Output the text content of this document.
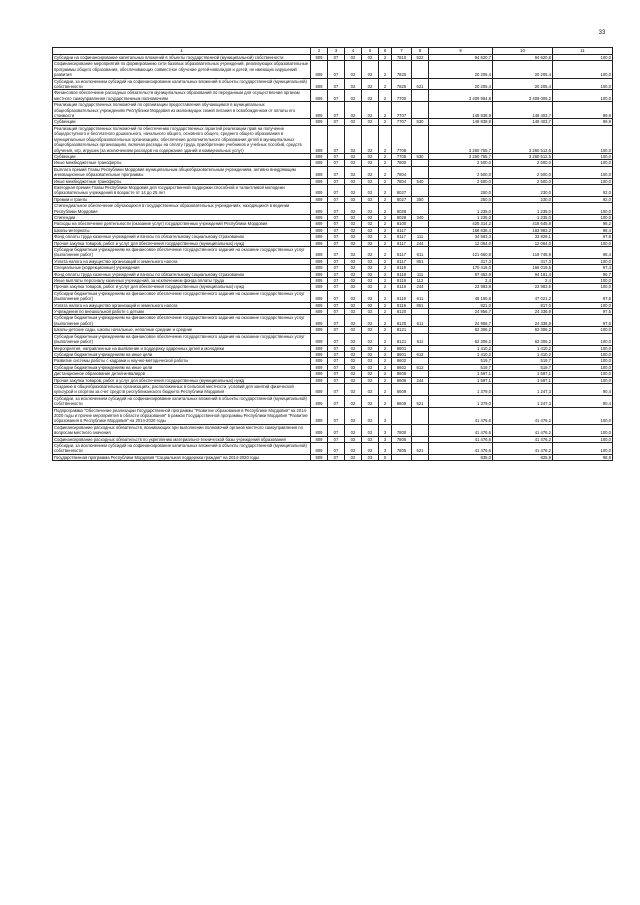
33
1	2	3	4	5	6	7	8	9	10	11
Субсидии на софинансирование капитальных вложений в объекты государственной (муниципальной) собственности	809	07	02	02	2	7810	522	94 620,7	94 620,8	100,0
Софинансирование мероприятий по формированию сети базовых образовательных учреждений, реализующих образовательные программы общего образования, обеспечивающих совместное обучение детей-инвалидов и детей, не имеющих нарушений развития	809	07	02	02	2	7825		20 205,4	20 205,4	100,0
Субсидии, за исключением субсидий на софинансирование капитальных вложений в объекты государственной (муниципальной) собственности	809	07	02	02	2	7825	521	20 205,4	20 205,4	100,0
Финансовое обеспечение расходных обязательств муниципальных образований по переданным для осуществления органам местного самоуправления государственным полномочиям	809	07	02	02	2	7700		3 409 984,8	3 409 006,2	100,0
Реализация государственных полномочий по организации предоставления обучающимся в муниципальных общеобразовательных учреждениях Республики Мордовия из малоимущих семей питания в освобожденном от оплаты его стоимости	809	07	02	02	2	7707		148 838,9	148 403,7	99,9
Субвенции	809	07	02	02	2	7707	530	148 838,9	148 403,7	99,9
Реализация государственных полномочий по обеспечению государственных гарантий реализации прав на получение общедоступного и бесплатного дошкольного, начального общего, основного общего, среднего общего образования в муниципальных общеобразовательных организациях, обеспечение дополнительного образования детей в муниципальных общеобразовательных организациях, включая расходы на оплату труда, приобретение учебников и учебных пособий, средств обучения, игр, игрушек (за исключением расходов на содержание зданий и коммунальных услуг)	809	07	02	02	2	7708		3 260 755,7	3 260 512,5	100,0
Субвенции	809	07	02	02	2	7708	530	3 260 755,7	3 260 512,5	100,0
Иные межбюджетные трансферты	809	07	02	02	2	7800		2 500,0	2 500,0	100,0
Выплата премий Главы Республики Мордовия муниципальным общеобразовательным учреждениям, активно внедряющим инновационные образовательные программы	809	07	02	02	2	7804		2 500,0	2 500,0	100,0
Иные межбюджетные трансферты	809	07	02	02	2	7804	540	2 500,0	2 500,0	100,0
Ежегодная премия Главы Республики Мордовия для государственной поддержки способной и талантливой молодежи образовательных учреждений в возрасте от 14 до 25 лет	809	07	02	02	2	8027		250,0	230,0	92,0
Премии и гранты	809	07	02	02	2	8027	350	250,0	230,0	92,0
Стипендиальное обеспечение обучающихся в государственных образовательных учреждениях, находящихся в ведении Республики Мордовия	809	07	02	02	2	8028		1 235,0	1 235,0	100,0
Стипендии	809	07	02	02	2	8028	340	1 235,0	1 235,0	100,0
Расходы на обеспечение деятельности (оказание услуг) государственных учреждений Республики Мордовия	809	07	02	02	2	8100		425 314,2	418 645,8	98,2
Школы-интернаты	809	07	02	02	2	8117		168 838,4	163 983,2	98,4
Фонд оплаты труда казенных учреждений и взносы по обязательному социальному страхованию	809	07	02	02	2	8117	111	34 583,3	33 829,1	97,8
Прочая закупка товаров, работ и услуг для обеспечения государственных (муниципальных) нужд	809	07	02	02	2	8117	244	12 084,0	12 064,0	100,0
Субсидии бюджетным учреждениям на финансовое обеспечение государственного задания на оказание государственных услуг (выполнение работ)	809	07	02	02	2	8117	611	121 660,8	119 748,8	98,4
Уплата налога на имущество организаций и земельного налога	809	07	02	02	2	8117	851	317,3	317,3	100,0
Специальные (коррекционные) учреждения	809	07	02	02	2	8119		170 416,0	166 019,5	97,4
Фонд оплаты труда казенных учреждений и взносы по обязательному социальному страхованию	809	07	02	02	2	8119	111	97 452,9	94 191,4	96,7
Иные выплаты персоналу казенных учреждений, за исключением фонда оплаты труда	809	07	02	02	2	8119	112	2,4	2,4	100,0
Прочая закупка товаров, работ и услуг для обеспечения государственных (муниципальных) нужд	809	07	02	02	2	8119	244	23 983,8	23 983,5	100,0
Субсидии бюджетным учреждениям на финансовое обеспечение государственного задания на оказание государственных услуг (выполнение работ)	809	07	02	02	2	8119	611	48 155,8	47 021,2	97,6
Уплата налога на имущество организаций и земельного налога	809	07	02	02	2	8119	851	821,0	817,0	100,0
Учреждения по внешкольной работе с детьми	809	07	02	02	2	8120		24 956,7	24 336,9	97,5
Субсидии бюджетным учреждениям на финансовое обеспечение государственного задания на оказание государственных услуг (выполнение работ)	809	07	02	02	2	8120	611	24 956,7	24 336,9	97,5
Школы-детские сады, школы начальные, неполные средние и средние	809	07	02	02	2	8121		62 306,2	62 306,2	100,0
Субсидии бюджетным учреждениям на финансовое обеспечение государственного задания на оказание государственных услуг (выполнение работ)	809	07	02	02	2	8121	611	62 306,2	62 306,2	100,0
Мероприятия, направленные на выявление и поддержку одаренных детей и молодежи	809	07	02	02	2	8601		1 410,2	1 410,2	100,0
Субсидии бюджетным учреждениям на иные цели	809	07	02	02	2	8601	612	1 410,2	1 410,2	100,0
Развитие системы работы с кадрами и научно-методической работы	809	07	02	02	2	8602		519,7	519,7	100,0
Субсидии бюджетным учреждениям на иные цели	809	07	02	02	2	8602	612	519,7	519,7	100,0
Дистанционное образование детей-инвалидов	809	07	02	02	2	8606		1 597,1	1 597,1	100,0
Прочая закупка товаров, работ и услуг для обеспечения государственных (муниципальных) нужд	809	07	02	02	2	8606	244	1 597,1	1 597,1	100,0
Создание в общеобразовательных организациях, расположенных в сельской местности, условий для занятий физической культурой и спортом за счет средств республиканского бюджета Республики Мордовия	809	07	02	02	2	8609		1 379,0	1 247,3	90,4
Субсидии, за исключением субсидий на софинансирование капитальных вложений в объекты государственной (муниципальной) собственности	809	07	02	02	2	8609	521	1 379,0	1 247,3	90,4
Подпрограмма "Обеспечение реализации Государственной программы "Развитие образования в Республике Мордовия" на 2014-2020 годы и прочие мероприятия в области образования" в рамках Государственной программы Республики Мордовия "Развитие образования в Республике Мордовия" на 2014-2020 годы	809	07	02	02	3			41 476,6	41 476,2	100,0
Софинансирование расходных обязательств, возникающих при выполнении полномочий органов местного самоуправления по вопросам местного значения	809	07	02	02	3	7800		41 476,6	41 476,2	100,0
Софинансирование расходных обязательств по укреплению материально-технической базы учреждений образования	809	07	02	02	3	7805		41 476,6	41 476,2	100,0
Субсидии, за исключением субсидий на софинансирование капитальных вложений в объекты государственной (муниципальной) собственности	809	07	02	02	3	7805	521	41 476,6	41 476,2	100,0
Государственная программа Республики Мордовия "Социальная поддержка граждан" на 2014-2020 годы	809	07	02	03	0			835,0	825,9	98,9
